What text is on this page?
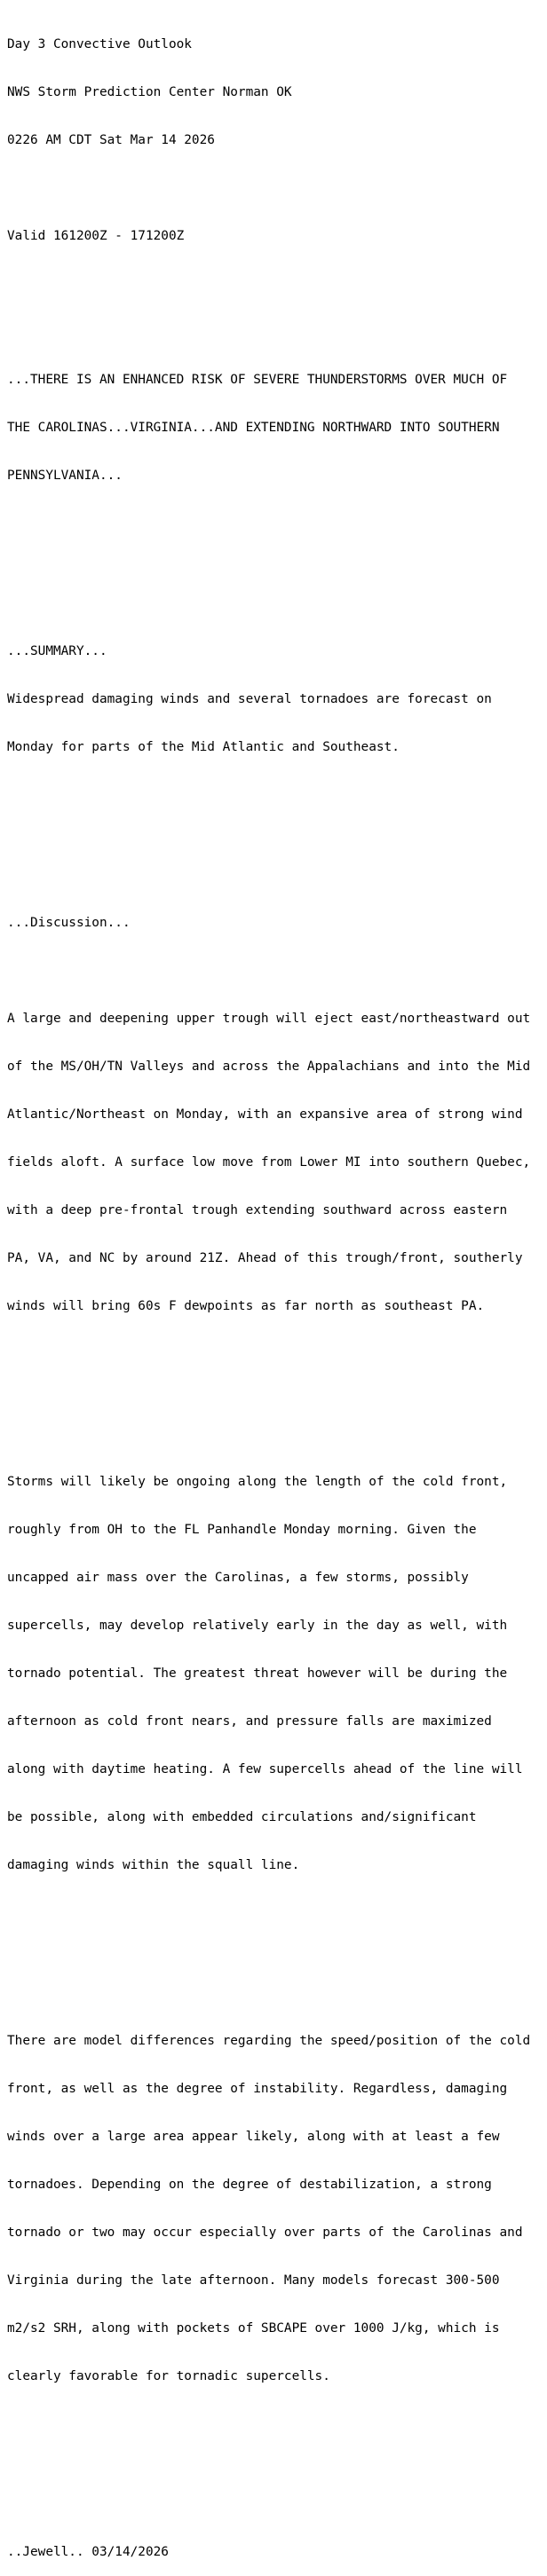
Day 3 Convective Outlook

NWS Storm Prediction Center Norman OK

0226 AM CDT Sat Mar 14 2026

Valid 161200Z - 171200Z

...THERE IS AN ENHANCED RISK OF SEVERE THUNDERSTORMS OVER MUCH OF

THE CAROLINAS...VIRGINIA...AND EXTENDING NORTHWARD INTO SOUTHERN

PENNSYLVANIA...

...SUMMARY...

Widespread damaging winds and several tornadoes are forecast on

Monday for parts of the Mid Atlantic and Southeast.

...Discussion...

A large and deepening upper trough will eject east/northeastward out

of the MS/OH/TN Valleys and across the Appalachians and into the Mid

Atlantic/Northeast on Monday, with an expansive area of strong wind

fields aloft. A surface low move from Lower MI into southern Quebec,

with a deep pre-frontal trough extending southward across eastern

PA, VA, and NC by around 21Z. Ahead of this trough/front, southerly

winds will bring 60s F dewpoints as far north as southeast PA.

Storms will likely be ongoing along the length of the cold front,

roughly from OH to the FL Panhandle Monday morning. Given the

uncapped air mass over the Carolinas, a few storms, possibly

supercells, may develop relatively early in the day as well, with

tornado potential. The greatest threat however will be during the

afternoon as cold front nears, and pressure falls are maximized

along with daytime heating. A few supercells ahead of the line will

be possible, along with embedded circulations and/significant

damaging winds within the squall line.

There are model differences regarding the speed/position of the cold

front, as well as the degree of instability. Regardless, damaging

winds over a large area appear likely, along with at least a few

tornadoes. Depending on the degree of destabilization, a strong

tornado or two may occur especially over parts of the Carolinas and

Virginia during the late afternoon. Many models forecast 300-500

m2/s2 SRH, along with pockets of SBCAPE over 1000 J/kg, which is

clearly favorable for tornadic supercells.

..Jewell.. 03/14/2026
